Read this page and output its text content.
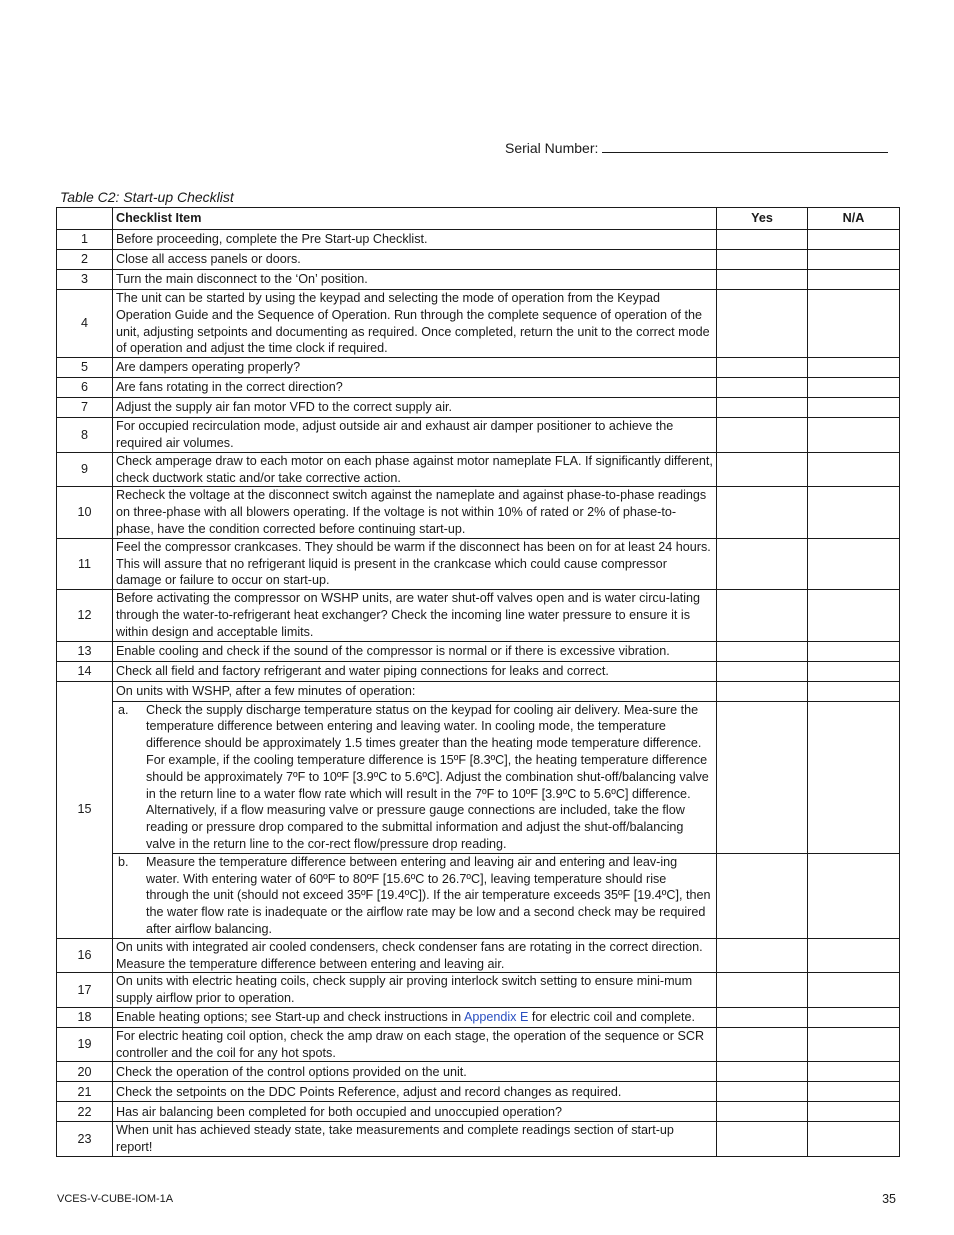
Serial Number:
Table C2: Start-up Checklist
	Checklist Item	Yes	N/A
1	Before proceeding, complete the Pre Start-up Checklist.		
2	Close all access panels or doors.		
3	Turn the main disconnect to the ‘On’ position.		
4	The unit can be started by using the keypad and selecting the mode of operation from the Keypad Operation Guide and the Sequence of Operation. Run through the complete sequence of operation of the unit, adjusting setpoints and documenting as required. Once completed, return the unit to the correct mode of operation and adjust the time clock if required.		
5	Are dampers operating properly?		
6	Are fans rotating in the correct direction?		
7	Adjust the supply air fan motor VFD to the correct supply air.		
8	For occupied recirculation mode, adjust outside air and exhaust air damper positioner to achieve the required air volumes.		
9	Check amperage draw to each motor on each phase against motor nameplate FLA. If significantly different, check ductwork static and/or take corrective action.		
10	Recheck the voltage at the disconnect switch against the nameplate and against phase-to-phase readings on three-phase with all blowers operating. If the voltage is not within 10% of rated or 2% of phase-to-phase, have the condition corrected before continuing start-up.		
11	Feel the compressor crankcases. They should be warm if the disconnect has been on for at least 24 hours. This will assure that no refrigerant liquid is present in the crankcase which could cause compressor damage or failure to occur on start-up.		
12	Before activating the compressor on WSHP units, are water shut-off valves open and is water circu-lating through the water-to-refrigerant heat exchanger? Check the incoming line water pressure to ensure it is within design and acceptable limits.		
13	Enable cooling and check if the sound of the compressor is normal or if there is excessive vibration.		
14	Check all field and factory refrigerant and water piping connections for leaks and correct.		
15	On units with WSHP, after a few minutes of operation:		

	a. Check the supply discharge temperature status on the keypad for cooling air delivery. Mea-sure the temperature difference between entering and leaving water. In cooling mode, the temperature difference should be approximately 1.5 times greater than the heating mode temperature difference. For example, if the cooling temperature difference is 15ºF [8.3ºC], the heating temperature difference should be approximately 7ºF to 10ºF [3.9ºC to 5.6ºC]. Adjust the combination shut-off/balancing valve in the return line to a water flow rate which will result in the 7ºF to 10ºF [3.9ºC to 5.6ºC] difference. Alternatively, if a flow measuring valve or pressure gauge connections are included, take the flow reading or pressure drop compared to the submittal information and adjust the shut-off/balancing valve in the return line to the cor-rect flow/pressure drop reading.		

	b. Measure the temperature difference between entering and leaving air and entering and leav-ing water. With entering water of 60ºF to 80ºF [15.6ºC to 26.7ºC], leaving temperature should rise through the unit (should not exceed 35ºF [19.4ºC]). If the air temperature exceeds 35ºF [19.4ºC], then the water flow rate is inadequate or the airflow rate may be low and a second check may be required after airflow balancing.		

16	On units with integrated air cooled condensers, check condenser fans are rotating in the correct direction. Measure the temperature difference between entering and leaving air.		
17	On units with electric heating coils, check supply air proving interlock switch setting to ensure mini-mum supply airflow prior to operation.		
18	Enable heating options; see Start-up and check instructions in Appendix E for electric coil and complete.		
19	For electric heating coil option, check the amp draw on each stage, the operation of the sequence or SCR controller and the coil for any hot spots.		
20	Check the operation of the control options provided on the unit.		
21	Check the setpoints on the DDC Points Reference, adjust and record changes as required.		
22	Has air balancing been completed for both occupied and unoccupied operation?		
23	When unit has achieved steady state, take measurements and complete readings section of start-up report!		
VCES-V-CUBE-IOM-1A	35
